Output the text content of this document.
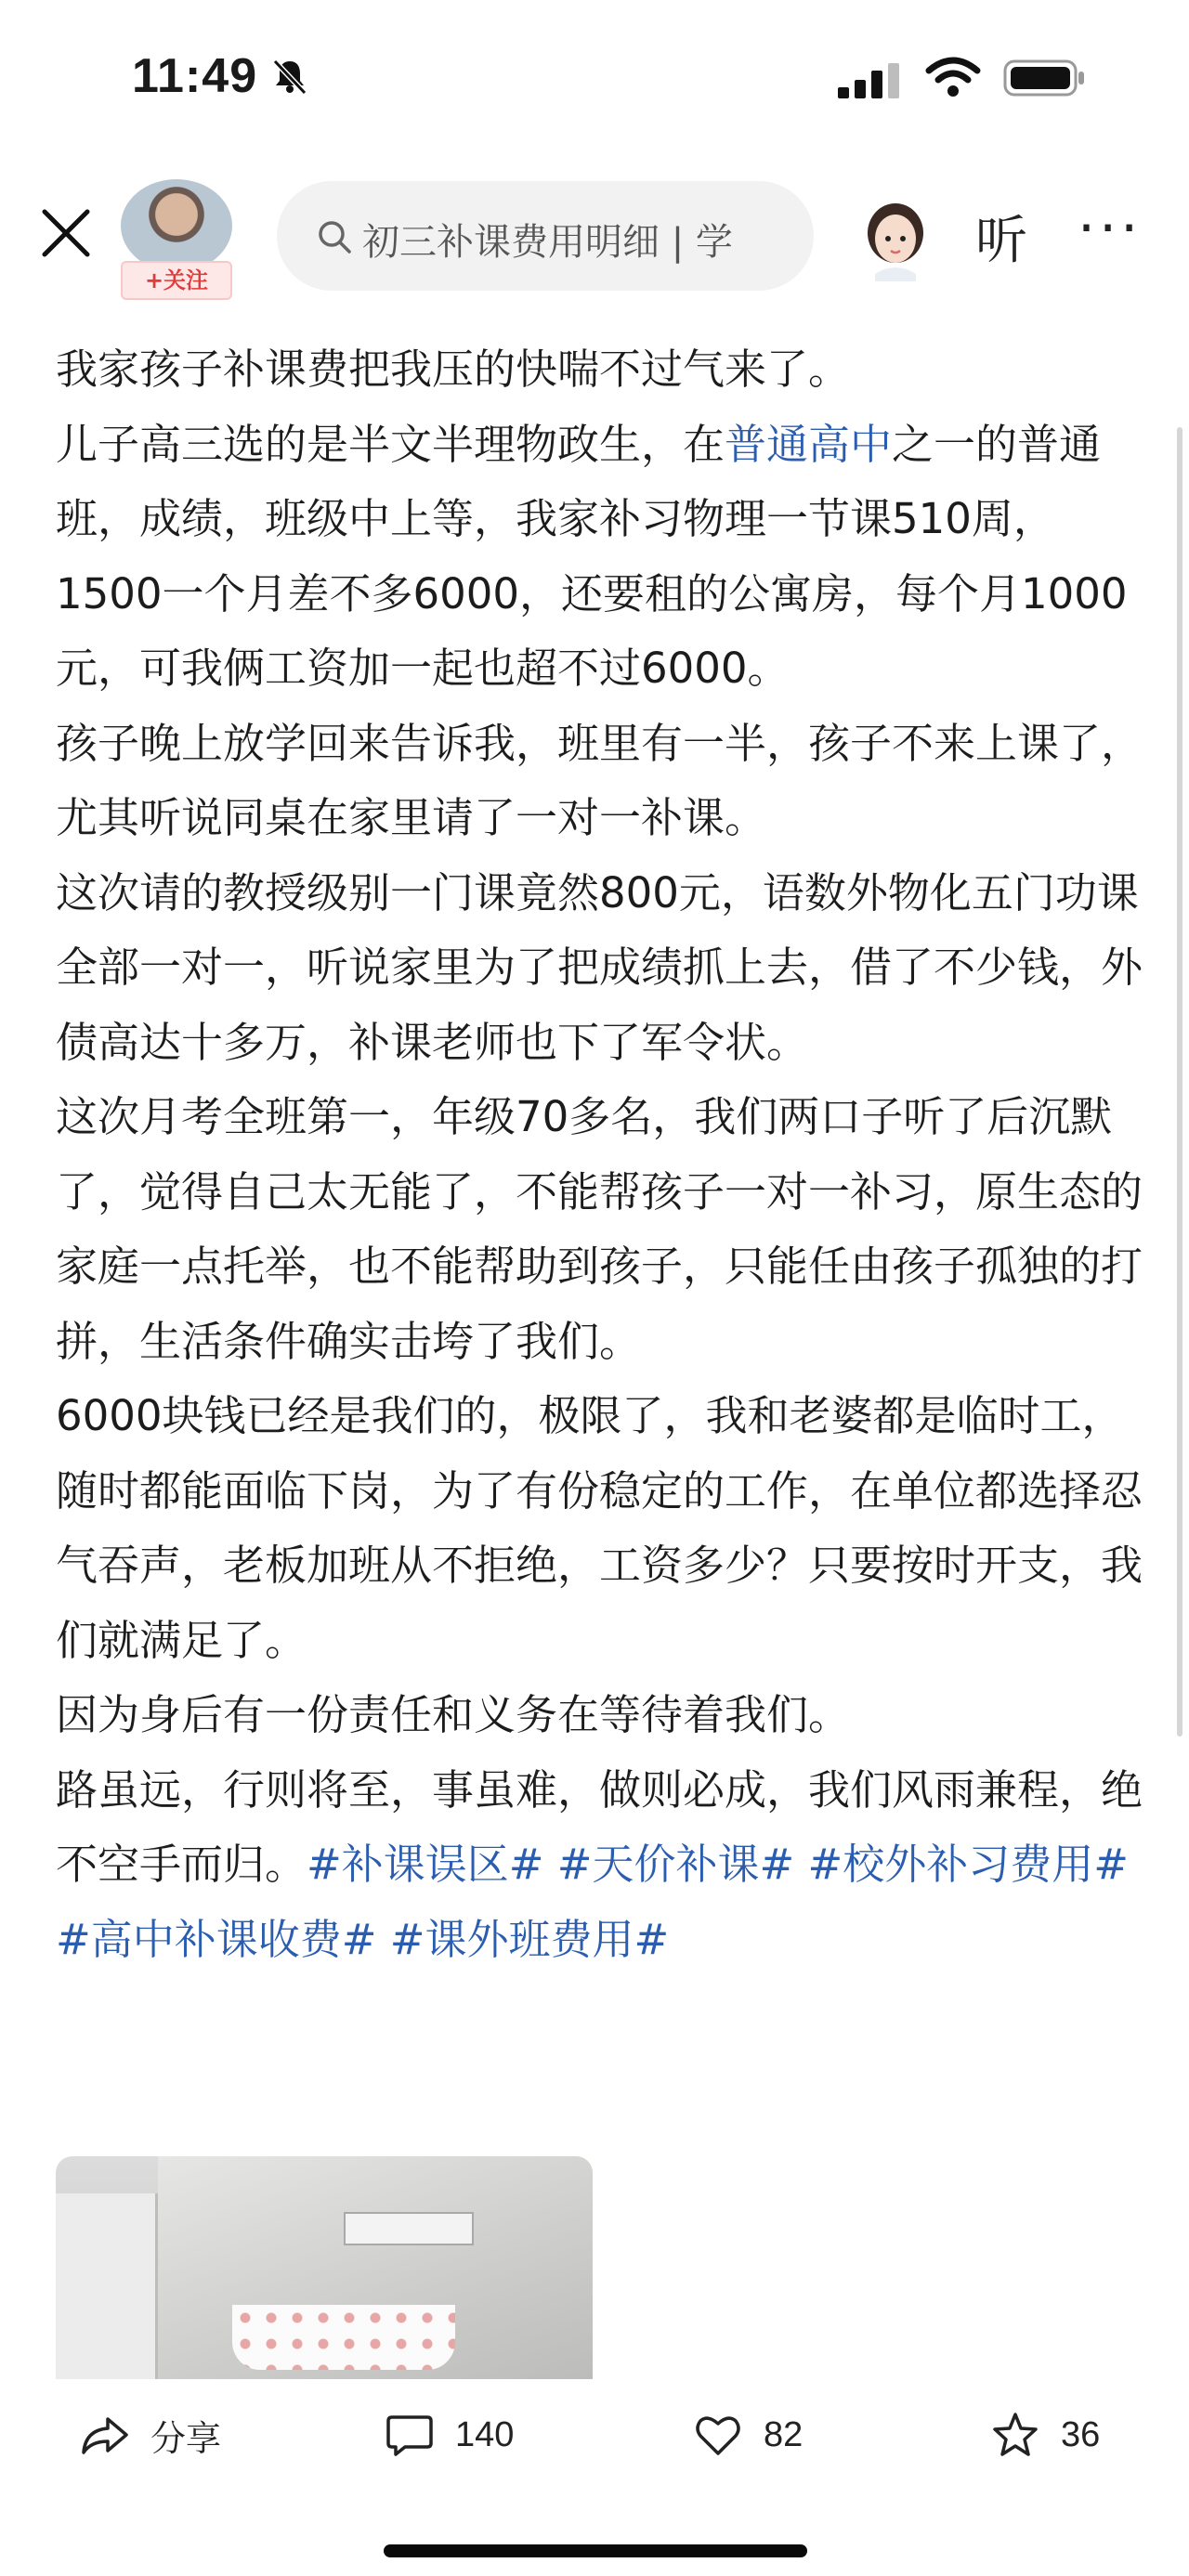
11:49
+关注
初三补课费用明细 | 学	听 ···

我家孩子补课费把我压的快喘不过气来了。

儿子高三选的是半文半理物政生，在普通高中之一的普通班，成绩，班级中上等，我家补习物理一节课510周，1500一个月差不多6000，还要租的公寓房，每个月1000元，可我俩工资加一起也超不过6000。

孩子晚上放学回来告诉我，班里有一半，孩子不来上课了，尤其听说同桌在家里请了一对一补课。

这次请的教授级别一门课竟然800元，语数外物化五门功课全部一对一，听说家里为了把成绩抓上去，借了不少钱，外债高达十多万，补课老师也下了军令状。

这次月考全班第一，年级70多名，我们两口子听了后沉默了，觉得自己太无能了，不能帮孩子一对一补习，原生态的家庭一点托举，也不能帮助到孩子，只能任由孩子孤独的打拼，生活条件确实击垮了我们。

6000块钱已经是我们的，极限了，我和老婆都是临时工，随时都能面临下岗，为了有份稳定的工作，在单位都选择忍气吞声，老板加班从不拒绝，工资多少？只要按时开支，我们就满足了。

因为身后有一份责任和义务在等待着我们。

路虽远，行则将至，事虽难，做则必成，我们风雨兼程，绝不空手而归。#补课误区# #天价补课# #校外补习费用# #高中补课收费# #课外班费用#

分享	140	82	36
